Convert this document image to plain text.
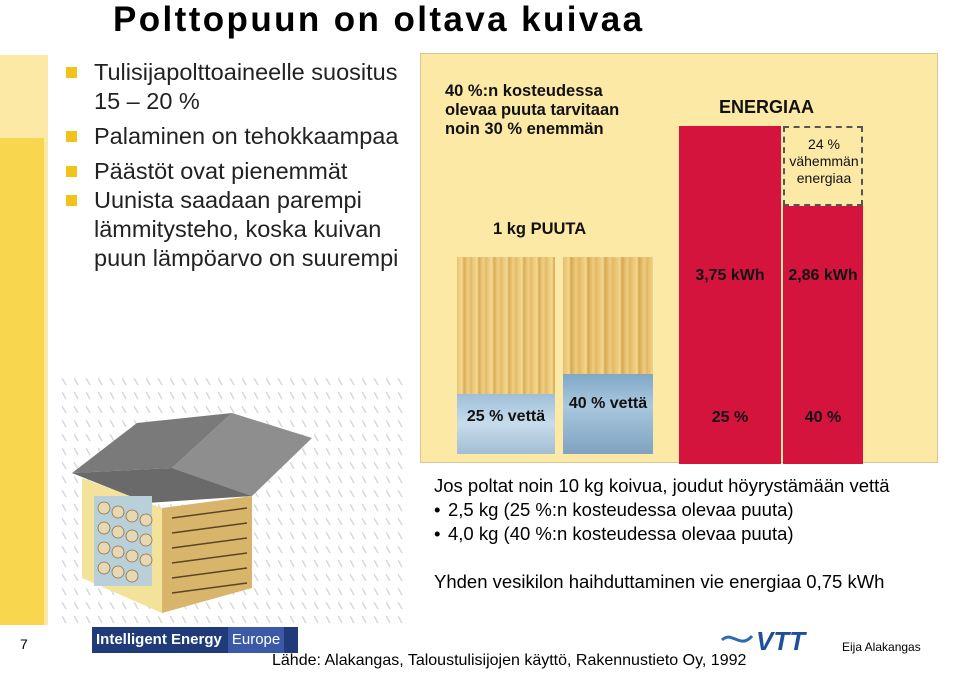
Polttopuun on oltava kuivaa
Tulisijapolttoaineelle suositus 15 – 20 %
Palaminen on tehokkaampaa
Päästöt ovat pienemmät
Uunista saadaan parempi lämmitysteho, koska kuivan puun lämpöarvo on suurempi
40 %:n kosteudessa olevaa puuta tarvitaan noin 30 % enemmän
1 kg PUUTA
25 % vettä
40 % vettä
ENERGIAA
24 % vähemmän energiaa
3,75 kWh	2,86 kWh
25 %	40 %
Jos poltat noin 10 kg koivua, joudut höyrystämään vettä
• 2,5 kg (25 %:n kosteudessa olevaa puuta)
• 4,0 kg (40 %:n kosteudessa olevaa puuta)
Yhden vesikilon haihduttaminen vie energiaa 0,75 kWh
7	Intelligent Energy Europe	VTT	Eija Alakangas
Lähde: Alakangas, Taloustulisijojen käyttö, Rakennustieto Oy, 1992
